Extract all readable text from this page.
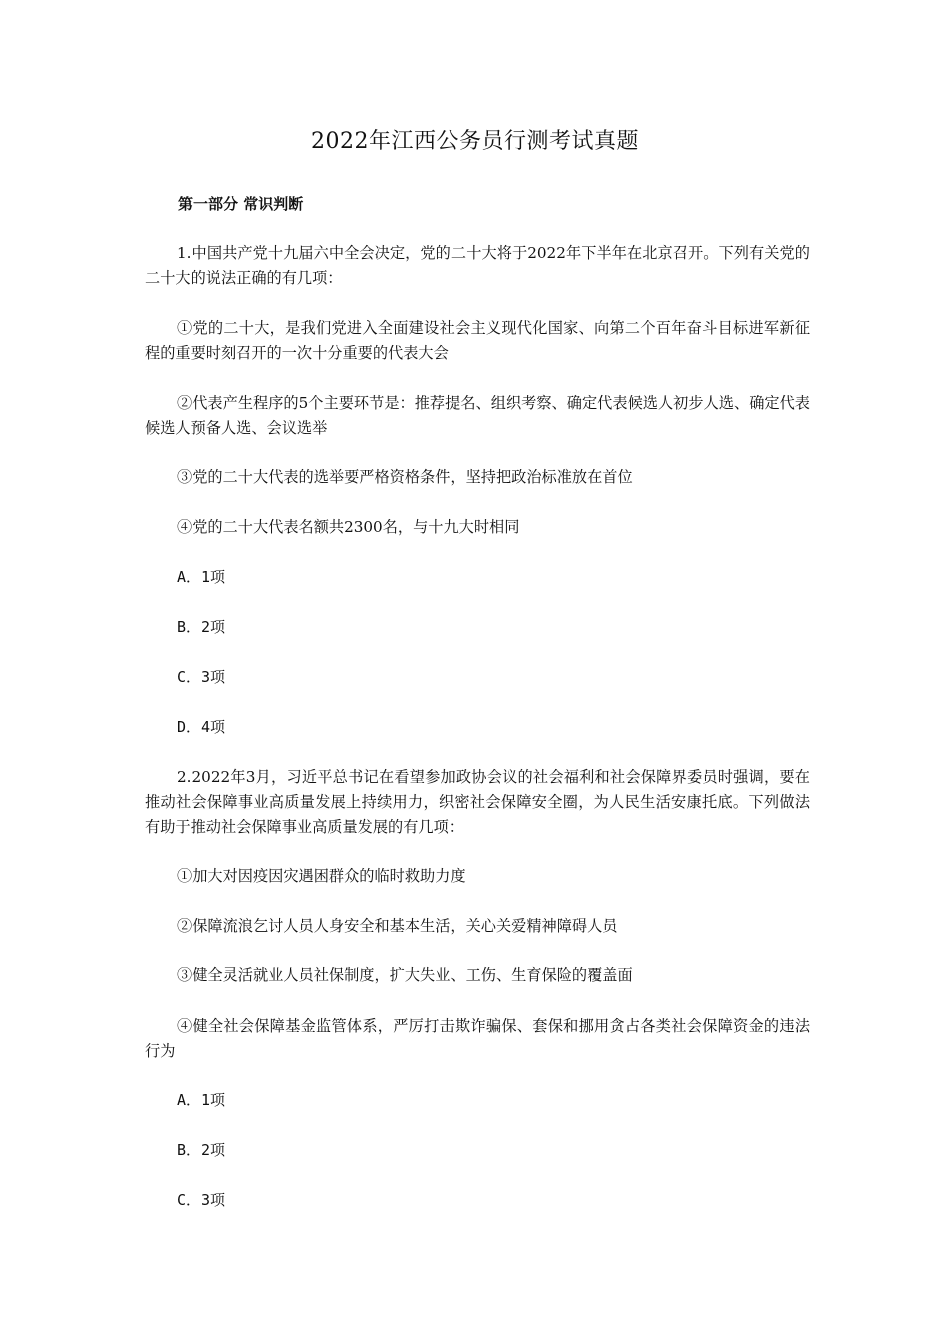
2022年江西公务员行测考试真题
第一部分 常识判断
1.中国共产党十九届六中全会决定，党的二十大将于2022年下半年在北京召开。下列有关党的二十大的说法正确的有几项：
①党的二十大，是我们党进入全面建设社会主义现代化国家、向第二个百年奋斗目标进军新征程的重要时刻召开的一次十分重要的代表大会
②代表产生程序的5个主要环节是：推荐提名、组织考察、确定代表候选人初步人选、确定代表候选人预备人选、会议选举
③党的二十大代表的选举要严格资格条件，坚持把政治标准放在首位
④党的二十大代表名额共2300名，与十九大时相同
A．1项
B．2项
C．3项
D．4项
2.2022年3月，习近平总书记在看望参加政协会议的社会福利和社会保障界委员时强调，要在推动社会保障事业高质量发展上持续用力，织密社会保障安全圈，为人民生活安康托底。下列做法有助于推动社会保障事业高质量发展的有几项：
①加大对因疫因灾遇困群众的临时救助力度
②保障流浪乞讨人员人身安全和基本生活，关心关爱精神障碍人员
③健全灵活就业人员社保制度，扩大失业、工伤、生育保险的覆盖面
④健全社会保障基金监管体系，严厉打击欺诈骗保、套保和挪用贪占各类社会保障资金的违法行为
A．1项
B．2项
C．3项
